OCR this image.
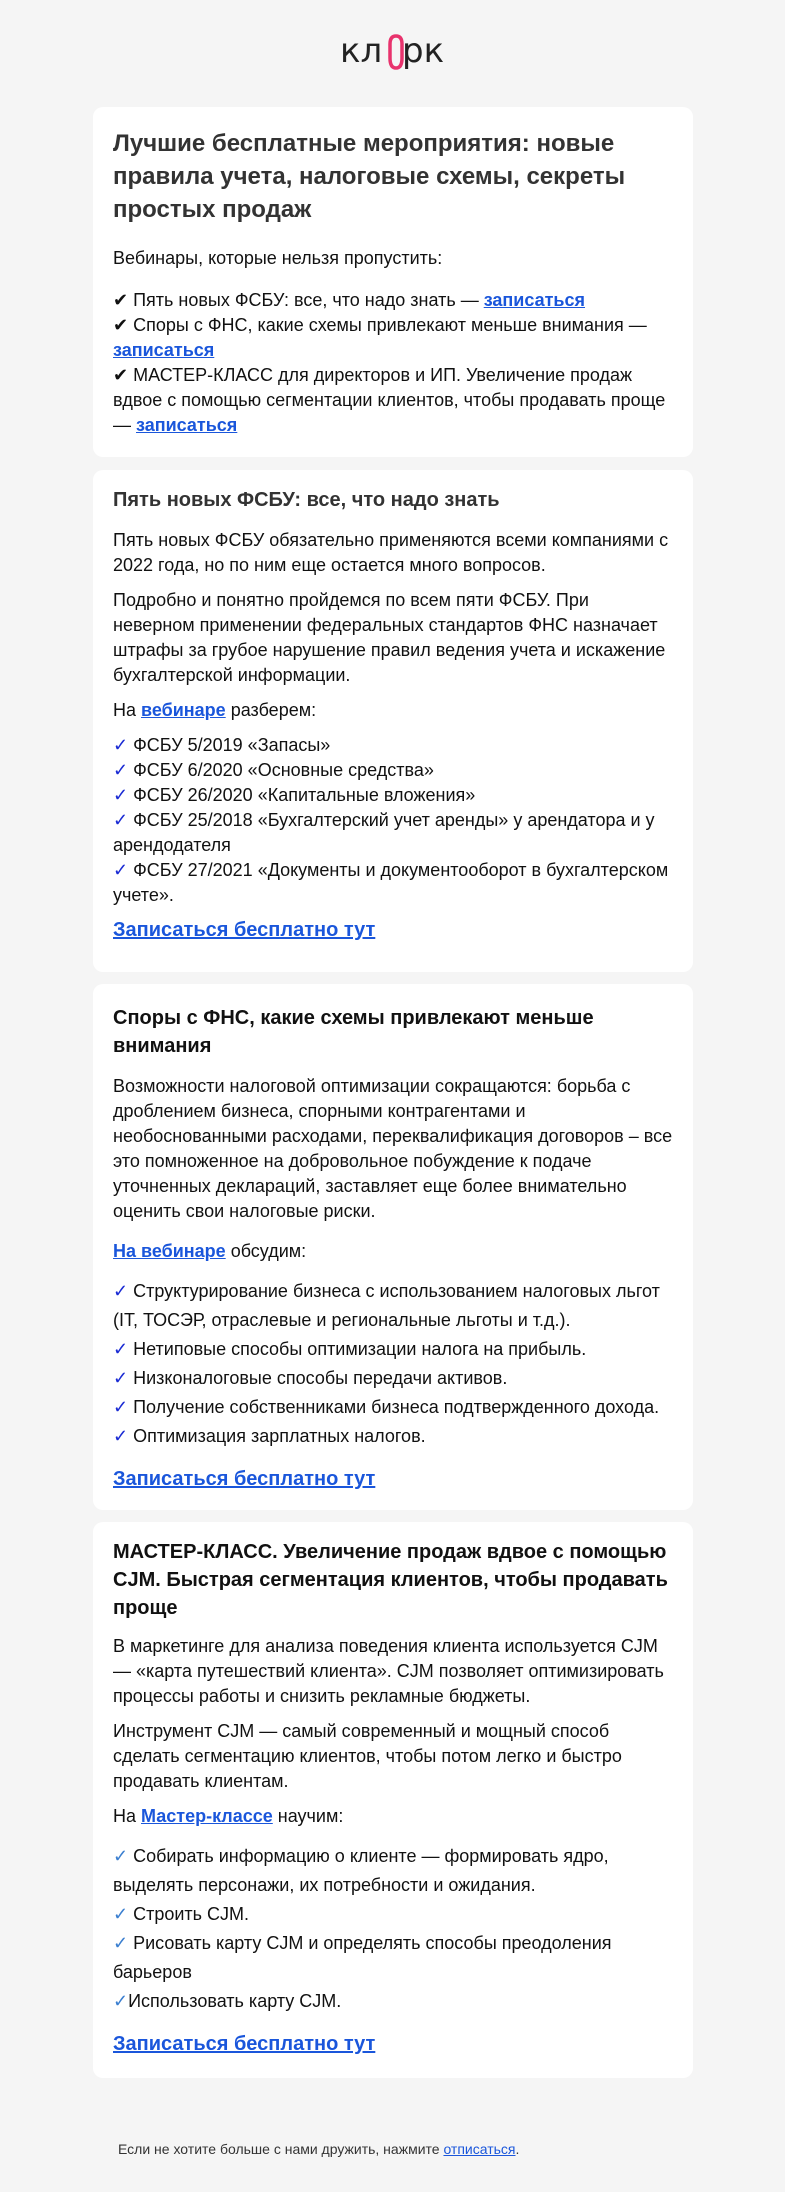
кл рк
Лучшие бесплатные мероприятия: новые правила учета, налоговые схемы, секреты простых продаж

Вебинары, которые нельзя пропустить:

✔ Пять новых ФСБУ: все, что надо знать — записаться

✔ Споры с ФНС, какие схемы привлекают меньше внимания — записаться

✔ МАСТЕР-КЛАСС для директоров и ИП. Увеличение продаж вдвое с помощью сегментации клиентов, чтобы продавать проще — записаться

Пять новых ФСБУ: все, что надо знать

Пять новых ФСБУ обязательно применяются всеми компаниями с 2022 года, но по ним еще остается много вопросов.

Подробно и понятно пройдемся по всем пяти ФСБУ. При неверном применении федеральных стандартов ФНС назначает штрафы за грубое нарушение правил ведения учета и искажение бухгалтерской информации.

На вебинаре разберем:

✓ ФСБУ 5/2019 «Запасы»

✓ ФСБУ 6/2020 «Основные средства»

✓ ФСБУ 26/2020 «Капитальные вложения»

✓ ФСБУ 25/2018 «Бухгалтерский учет аренды» у арендатора и у арендодателя

✓ ФСБУ 27/2021 «Документы и документооборот в бухгалтерском учете».

Записаться бесплатно тут
Споры с ФНС, какие схемы привлекают меньше внимания

Возможности налоговой оптимизации сокращаются: борьба с дроблением бизнеса, спорными контрагентами и необоснованными расходами, переквалификация договоров – все это помноженное на добровольное побуждение к подаче уточненных деклараций, заставляет еще более внимательно оценить свои налоговые риски.

На вебинаре обсудим:

✓ Структурирование бизнеса с использованием налоговых льгот (IT, ТОСЭР, отраслевые и региональные льготы и т.д.).

✓ Нетиповые способы оптимизации налога на прибыль.

✓ Низконалоговые способы передачи активов.

✓ Получение собственниками бизнеса подтвержденного дохода.

✓ Оптимизация зарплатных налогов.

Записаться бесплатно тут
МАСТЕР-КЛАСС. Увеличение продаж вдвое с помощью CJM. Быстрая сегментация клиентов, чтобы продавать проще

В маркетинге для анализа поведения клиента используется CJM — «карта путешествий клиента». CJM позволяет оптимизировать процессы работы и снизить рекламные бюджеты.

Инструмент CJM — самый современный и мощный способ сделать сегментацию клиентов, чтобы потом легко и быстро продавать клиентам.

На Мастер-классе научим:

✓ Собирать информацию о клиенте — формировать ядро, выделять персонажи, их потребности и ожидания.

✓ Строить CJM.

✓ Рисовать карту CJM и определять способы преодоления барьеров

✓Использовать карту CJM.

Записаться бесплатно тут
Если не хотите больше с нами дружить, нажмите отписаться.
